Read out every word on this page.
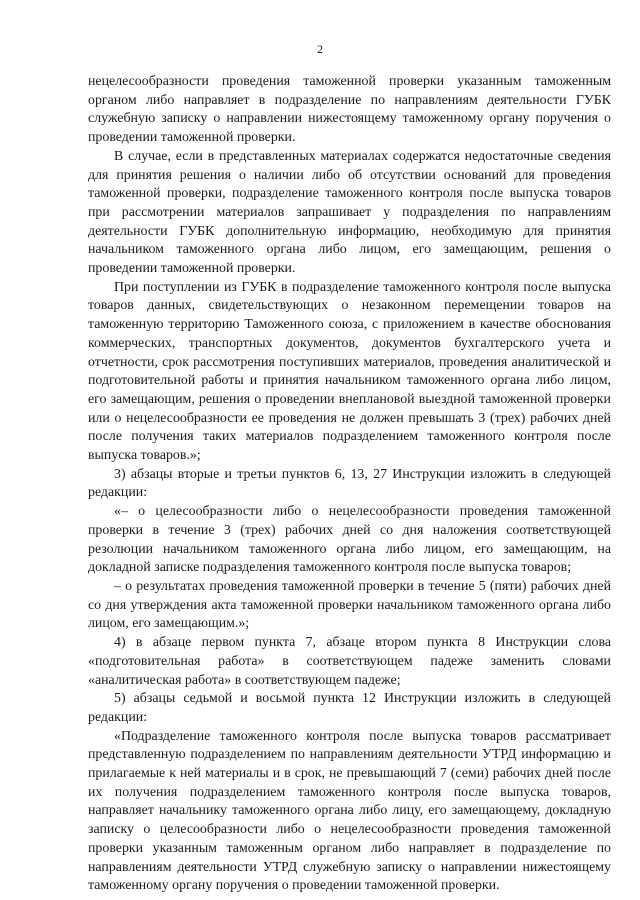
2

нецелесообразности проведения таможенной проверки указанным таможенным органом либо направляет в подразделение по направлениям деятельности ГУБК служебную записку о направлении нижестоящему таможенному органу поручения о проведении таможенной проверки.

В случае, если в представленных материалах содержатся недостаточные сведения для принятия решения о наличии либо об отсутствии оснований для проведения таможенной проверки, подразделение таможенного контроля после выпуска товаров при рассмотрении материалов запрашивает у подразделения по направлениям деятельности ГУБК дополнительную информацию, необходимую для принятия начальником таможенного органа либо лицом, его замещающим, решения о проведении таможенной проверки.

При поступлении из ГУБК в подразделение таможенного контроля после выпуска товаров данных, свидетельствующих о незаконном перемещении товаров на таможенную территорию Таможенного союза, с приложением в качестве обоснования коммерческих, транспортных документов, документов бухгалтерского учета и отчетности, срок рассмотрения поступивших материалов, проведения аналитической и подготовительной работы и принятия начальником таможенного органа либо лицом, его замещающим, решения о проведении внеплановой выездной таможенной проверки или о нецелесообразности ее проведения не должен превышать 3 (трех) рабочих дней после получения таких материалов подразделением таможенного контроля после выпуска товаров.»;

3) абзацы вторые и третьи пунктов 6, 13, 27 Инструкции изложить в следующей редакции:

«– о целесообразности либо о нецелесообразности проведения таможенной проверки в течение 3 (трех) рабочих дней со дня наложения соответствующей резолюции начальником таможенного органа либо лицом, его замещающим, на докладной записке подразделения таможенного контроля после выпуска товаров;

– о результатах проведения таможенной проверки в течение 5 (пяти) рабочих дней со дня утверждения акта таможенной проверки начальником таможенного органа либо лицом, его замещающим.»;

4) в абзаце первом пункта 7, абзаце втором пункта 8 Инструкции слова «подготовительная работа» в соответствующем падеже заменить словами «аналитическая работа» в соответствующем падеже;

5) абзацы седьмой и восьмой пункта 12 Инструкции изложить в следующей редакции:

«Подразделение таможенного контроля после выпуска товаров рассматривает представленную подразделением по направлениям деятельности УТРД информацию и прилагаемые к ней материалы и в срок, не превышающий 7 (семи) рабочих дней после их получения подразделением таможенного контроля после выпуска товаров, направляет начальнику таможенного органа либо лицу, его замещающему, докладную записку о целесообразности либо о нецелесообразности проведения таможенной проверки указанным таможенным органом либо направляет в подразделение по направлениям деятельности УТРД служебную записку о направлении нижестоящему таможенному органу поручения о проведении таможенной проверки.
